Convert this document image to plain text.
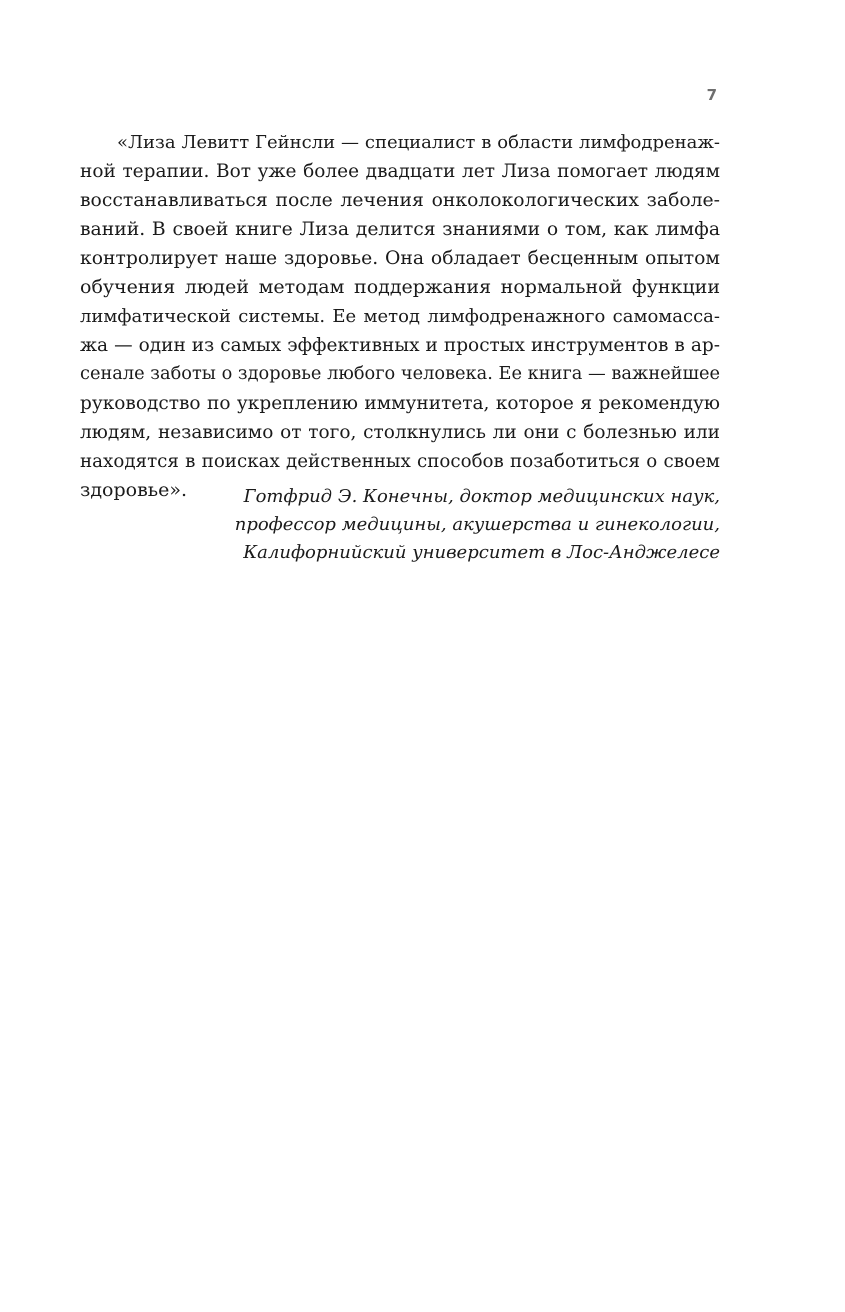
7
«Лиза Левитт Гейнсли — специалист в области лимфодренаж-
ной терапии. Вот уже более двадцати лет Лиза помогает людям
восстанавливаться после лечения онколокологических заболе-
ваний. В своей книге Лиза делится знаниями о том, как лимфа
контролирует наше здоровье. Она обладает бесценным опытом
обучения людей методам поддержания нормальной функции
лимфатической системы. Ее метод лимфодренажного самомасса-
жа — один из самых эффективных и простых инструментов в ар-
сенале заботы о здоровье любого человека. Ее книга — важнейшее
руководство по укреплению иммунитета, которое я рекомендую
людям, независимо от того, столкнулись ли они с болезнью или
находятся в поисках действенных способов позаботиться о своем
здоровье».	Готфрид Э. Конечны, доктор медицинских наук,
профессор медицины, акушерства и гинекологии,
Калифорнийский университет в Лос-Анджелесе
